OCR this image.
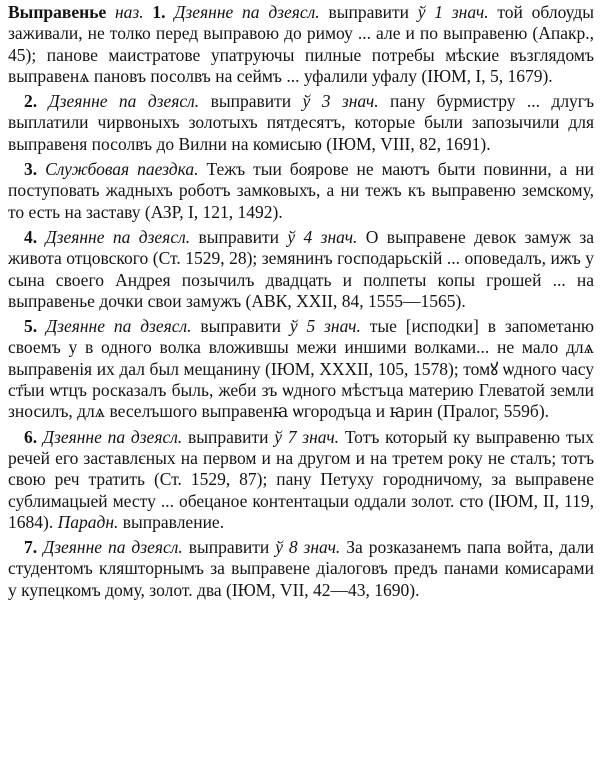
Выправенье наз. 1. Дзеянне па дзеясл. выправити ў 1 знач. той облоуды заживали, не толко перед выправою до римоу ... але и по выправеню (Апакр., 45); панове маистратове упатруючы пилные потребы мѣские възглядомъ выправенѧ пановъ посолвъ на сеймъ ... уфалили уфалу (ІЮМ, І, 5, 1679).

2. Дзеянне па дзеясл. выправити ў 3 знач. пану бурмистру ... длугъ выплатили чирвоныхъ золотыхъ пятдесятъ, которые были запозычили для выправеня посолвъ до Вилни на комисыю (ІЮМ, VIII, 82, 1691).

3. Службовая паездка. Тежъ тыи боярове не маютъ быти повинни, а ни поступовать жадныхъ роботъ замковыхъ, а ни тежъ къ выправеню земскому, то есть на заставу (АЗР, І, 121, 1492).

4. Дзеянне па дзеясл. выправити ў 4 знач. О выправене девок замуж за живота отцовского (Ст. 1529, 28); земянинъ господарьскій ... оповедалъ, ижъ у сына своего Андрея позычилъ двадцать и полпеты копы грошей ... на выправенье дочки свои замужъ (АВК, XXII, 84, 1555—1565).

5. Дзеянне па дзеясл. выправити ў 5 знач. тые [исподки] в запометаню своемъ у в одного волка вложившы межи иншими волками... не мало длѧ выправенія их дал был мещанину (ІЮМ, XXXII, 105, 1578); томꙋ ѡдного часу ст҃ыи ѡтцъ росказалъ быль, жеби зъ ѡдного мѣстъца материю Глеватой земли зносилъ, длѧ веселъшого выправенꙗ ѡгородъца и ꙗрин (Пралог, 559б).

6. Дзеянне па дзеясл. выправити ў 7 знач. Тотъ который ку выправеню тых речей его заставлєных на первом и на другом и на третем року не сталъ; тотъ свою реч тратить (Ст. 1529, 87); пану Петуху городничому, за выправене сублимацыей месту ... обецаное контентацыи оддали золот. сто (ІЮМ, ІІ, 119, 1684). Парадн. выправление.

7. Дзеянне па дзеясл. выправити ў 8 знач. За розказанемъ папа войта, дали студентомъ кляшторнымъ за выправене діалоговъ предъ панами комисарами у купецкомъ дому, золот. два (ІЮМ, VII, 42—43, 1690).
